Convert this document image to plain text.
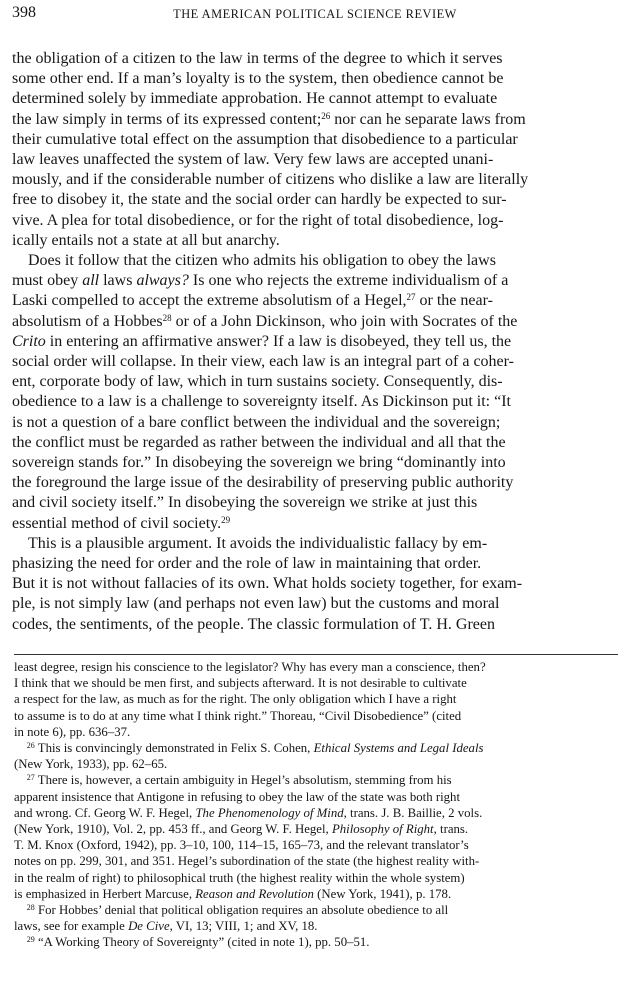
398	THE AMERICAN POLITICAL SCIENCE REVIEW

the obligation of a citizen to the law in terms of the degree to which it serves

some other end. If a man’s loyalty is to the system, then obedience cannot be

determined solely by immediate approbation. He cannot attempt to evaluate

the law simply in terms of its expressed content;$^{26}$ nor can he separate laws from

their cumulative total effect on the assumption that disobedience to a particular

law leaves unaffected the system of law. Very few laws are accepted unani-

mously, and if the considerable number of citizens who dislike a law are literally

free to disobey it, the state and the social order can hardly be expected to sur-

vive. A plea for total disobedience, or for the right of total disobedience, log-

ically entails not a state at all but anarchy.

 Does it follow that the citizen who admits his obligation to obey the laws

must obey all laws always? Is one who rejects the extreme individualism of a

Laski compelled to accept the extreme absolutism of a Hegel,$^{27}$ or the near-

absolutism of a Hobbes$^{28}$ or of a John Dickinson, who join with Socrates of the

Crito in entering an affirmative answer? If a law is disobeyed, they tell us, the

social order will collapse. In their view, each law is an integral part of a coher-

ent, corporate body of law, which in turn sustains society. Consequently, dis-

obedience to a law is a challenge to sovereignty itself. As Dickinson put it: “It

is not a question of a bare conflict between the individual and the sovereign;

the conflict must be regarded as rather between the individual and all that the

sovereign stands for.” In disobeying the sovereign we bring “dominantly into

the foreground the large issue of the desirability of preserving public authority

and civil society itself.” In disobeying the sovereign we strike at just this

essential method of civil society.$^{29}$

 This is a plausible argument. It avoids the individualistic fallacy by em-

phasizing the need for order and the role of law in maintaining that order.

But it is not without fallacies of its own. What holds society together, for exam-

ple, is not simply law (and perhaps not even law) but the customs and moral

codes, the sentiments, of the people. The classic formulation of T. H. Green

least degree, resign his conscience to the legislator? Why has every man a conscience, then?

I think that we should be men first, and subjects afterward. It is not desirable to cultivate

a respect for the law, as much as for the right. The only obligation which I have a right

to assume is to do at any time what I think right.” Thoreau, “Civil Disobedience” (cited

in note 6), pp. 636–37.

 $^{26}$ This is convincingly demonstrated in Felix S. Cohen, Ethical Systems and Legal Ideals

(New York, 1933), pp. 62–65.

 $^{27}$ There is, however, a certain ambiguity in Hegel’s absolutism, stemming from his

apparent insistence that Antigone in refusing to obey the law of the state was both right

and wrong. Cf. Georg W. F. Hegel, The Phenomenology of Mind, trans. J. B. Baillie, 2 vols.

(New York, 1910), Vol. 2, pp. 453 ff., and Georg W. F. Hegel, Philosophy of Right, trans.

T. M. Knox (Oxford, 1942), pp. 3–10, 100, 114–15, 165–73, and the relevant translator’s

notes on pp. 299, 301, and 351. Hegel’s subordination of the state (the highest reality with-

in the realm of right) to philosophical truth (the highest reality within the whole system)

is emphasized in Herbert Marcuse, Reason and Revolution (New York, 1941), p. 178.

 $^{28}$ For Hobbes’ denial that political obligation requires an absolute obedience to all

laws, see for example De Cive, VI, 13; VIII, 1; and XV, 18.

 $^{29}$ “A Working Theory of Sovereignty” (cited in note 1), pp. 50–51.
